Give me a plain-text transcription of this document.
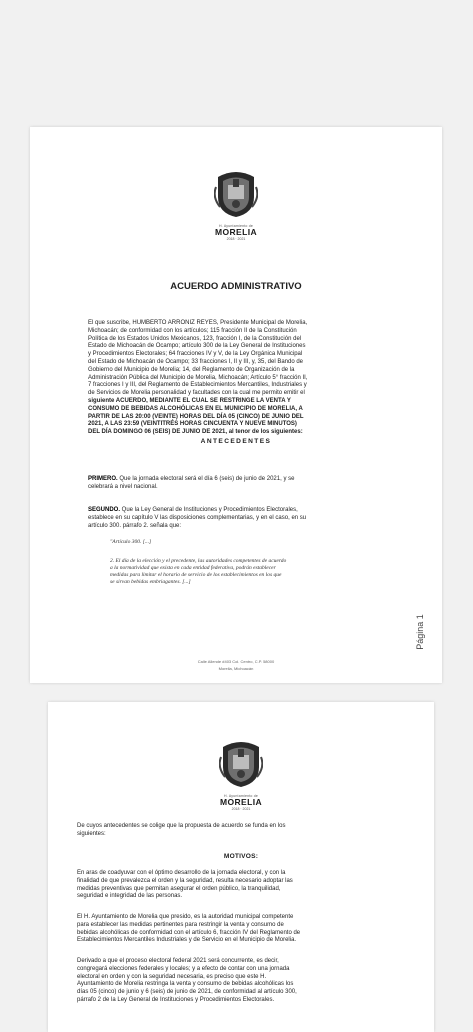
H. Ayuntamiento de
MORELIA
2018 · 2021
ACUERDO ADMINISTRATIVO
El que suscribe, HUMBERTO ARRONIZ REYES, Presidente Municipal de Morelia,
Michoacán; de conformidad con los artículos; 115 fracción II de la Constitución
Política de los Estados Unidos Mexicanos, 123, fracción I, de la Constitución del
Estado de Michoacán de Ocampo; artículo 300 de la Ley General de Instituciones
y Procedimientos Electorales; 64 fracciones IV y V, de la Ley Orgánica Municipal
del Estado de Michoacán de Ocampo; 33 fracciones I, II y III, y, 35, del Bando de
Gobierno del Municipio de Morelia; 14, del Reglamento de Organización de la
Administración Pública del Municipio de Morelia, Michoacán; Artículo 5° fracción II,
7 fracciones I y III, del Reglamento de Establecimientos Mercantiles, Industriales y
de Servicios de Morelia personalidad y facultades con la cual me permito emitir el
siguiente ACUERDO, MEDIANTE EL CUAL SE RESTRINGE LA VENTA Y
CONSUMO DE BEBIDAS ALCOHÓLICAS EN EL MUNICIPIO DE MORELIA, A
PARTIR DE LAS 20:00 (VEINTE) HORAS DEL DÍA 05 (CINCO) DE JUNIO DEL
2021, A LAS 23:59 (VEINTITRÉS HORAS CINCUENTA Y NUEVE MINUTOS)
DEL DÍA DOMINGO 06 (SEIS) DE JUNIO DE 2021, al tenor de los siguientes:
ANTECEDENTES
PRIMERO. Que la jornada electoral será el día 6 (seis) de junio de 2021, y se
celebrará a nivel nacional.
SEGUNDO. Que la Ley General de Instituciones y Procedimientos Electorales,
establece en su capítulo V las disposiciones complementarias, y en el caso, en su
artículo 300. párrafo 2. señala que:
"Artículo 300. [...]
2. El día de la elección y el precedente, las autoridades competentes de acuerdo
a la normatividad que exista en cada entidad federativa, podrán establecer
medidas para limitar el horario de servicio de los establecimientos en los que
se sirvan bebidas embriagantes. [...]
Página 1
Calle Allende #403 Col. Centro, C.P. 58000
Morelia, Michoacán
H. Ayuntamiento de
MORELIA
2018 · 2021
De cuyos antecedentes se colige que la propuesta de acuerdo se funda en los
siguientes:
MOTIVOS:
En aras de coadyuvar con el óptimo desarrollo de la jornada electoral, y con la
finalidad de que prevalezca el orden y la seguridad, resulta necesario adoptar las
medidas preventivas que permitan asegurar el orden público, la tranquilidad,
seguridad e integridad de las personas.
El H. Ayuntamiento de Morelia que presido, es la autoridad municipal competente
para establecer las medidas pertinentes para restringir la venta y consumo de
bebidas alcohólicas de conformidad con el artículo 6, fracción IV del Reglamento de
Establecimientos Mercantiles Industriales y de Servicio en el Municipio de Morelia.
Derivado a que el proceso electoral federal 2021 será concurrente, es decir,
congregará elecciones federales y locales; y a efecto de contar con una jornada
electoral en orden y con la seguridad necesaria, es preciso que este H.
Ayuntamiento de Morelia restringa la venta y consumo de bebidas alcohólicas los
días 05 (cinco) de junio y 6 (seis) de junio de 2021, de conformidad al artículo 300,
párrafo 2 de la Ley General de Instituciones y Procedimientos Electorales.
